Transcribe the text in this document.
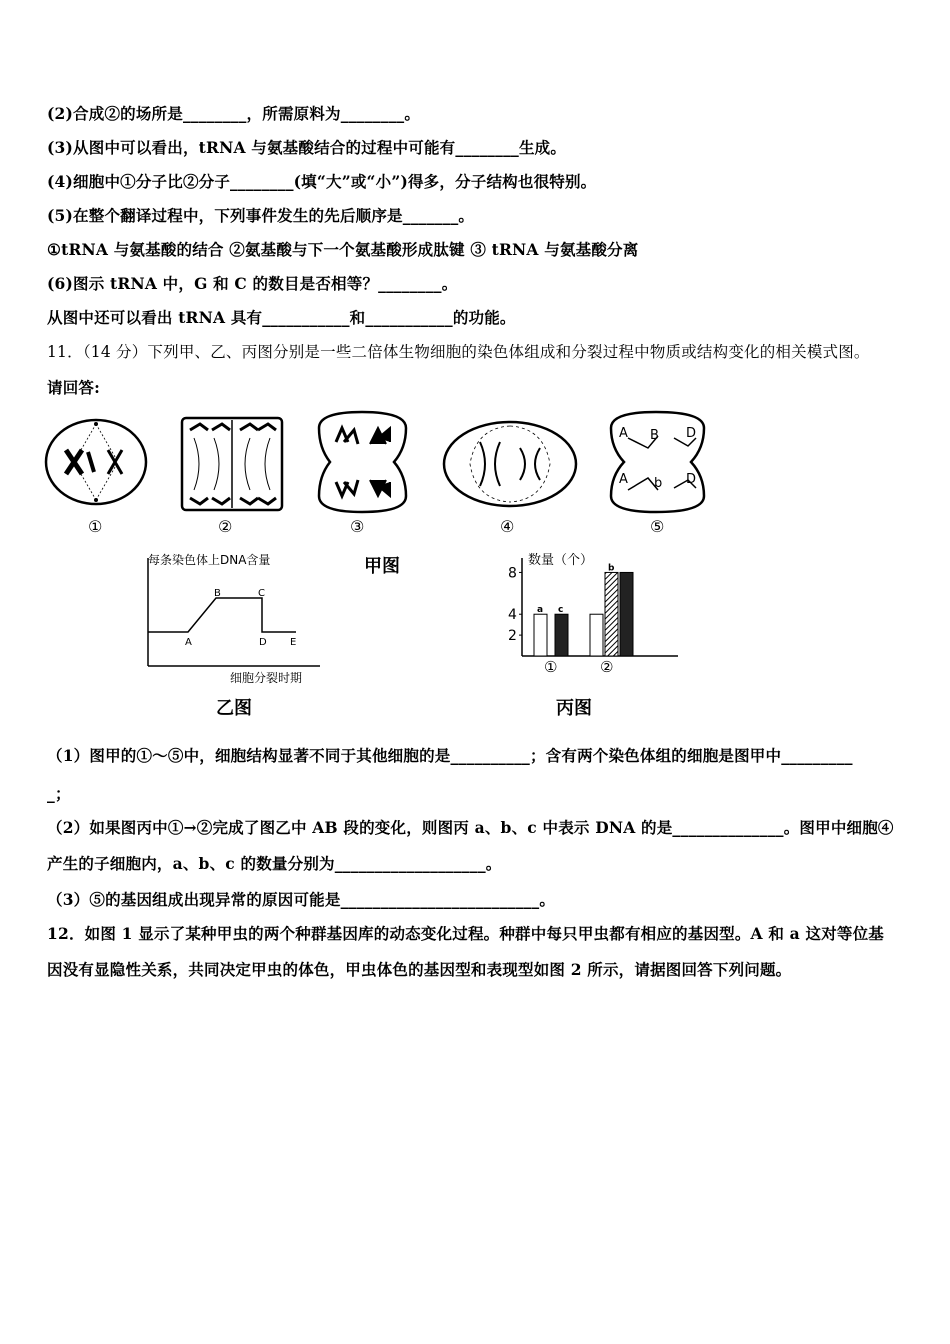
(2)合成②的场所是________，所需原料为________。
(3)从图中可以看出，tRNA 与氨基酸结合的过程中可能有________生成。
(4)细胞中①分子比②分子________(填“大”或“小”)得多，分子结构也很特别。
(5)在整个翻译过程中，下列事件发生的先后顺序是_______。
①tRNA 与氨基酸的结合 ②氨基酸与下一个氨基酸形成肽键 ③ tRNA 与氨基酸分离
(6)图示 tRNA 中，G 和 C 的数目是否相等？________。
从图中还可以看出 tRNA 具有___________和___________的功能。
11．（14 分）下列甲、乙、丙图分别是一些二倍体生物细胞的染色体组成和分裂过程中物质或结构变化的相关模式图。
请回答:
A B D
A b D
①	②	③	④	⑤
每条染色体上DNA含量
A
B	C
D E
细胞分裂时期
甲图
乙图	丙图
数量（个）
2
4
8
a c
①
b
②
（1）图甲的①～⑤中，细胞结构显著不同于其他细胞的是__________；含有两个染色体组的细胞是图甲中_________
_；
（2）如果图丙中①→②完成了图乙中 AB 段的变化，则图丙 a、b、c 中表示 DNA 的是______________。图甲中细胞④
产生的子细胞内，a、b、c 的数量分别为___________________。
（3）⑤的基因组成出现异常的原因可能是_________________________。
12．如图 1 显示了某种甲虫的两个种群基因库的动态变化过程。种群中每只甲虫都有相应的基因型。A 和 a 这对等位基
因没有显隐性关系，共同决定甲虫的体色，甲虫体色的基因型和表现型如图 2 所示，请据图回答下列问题。
